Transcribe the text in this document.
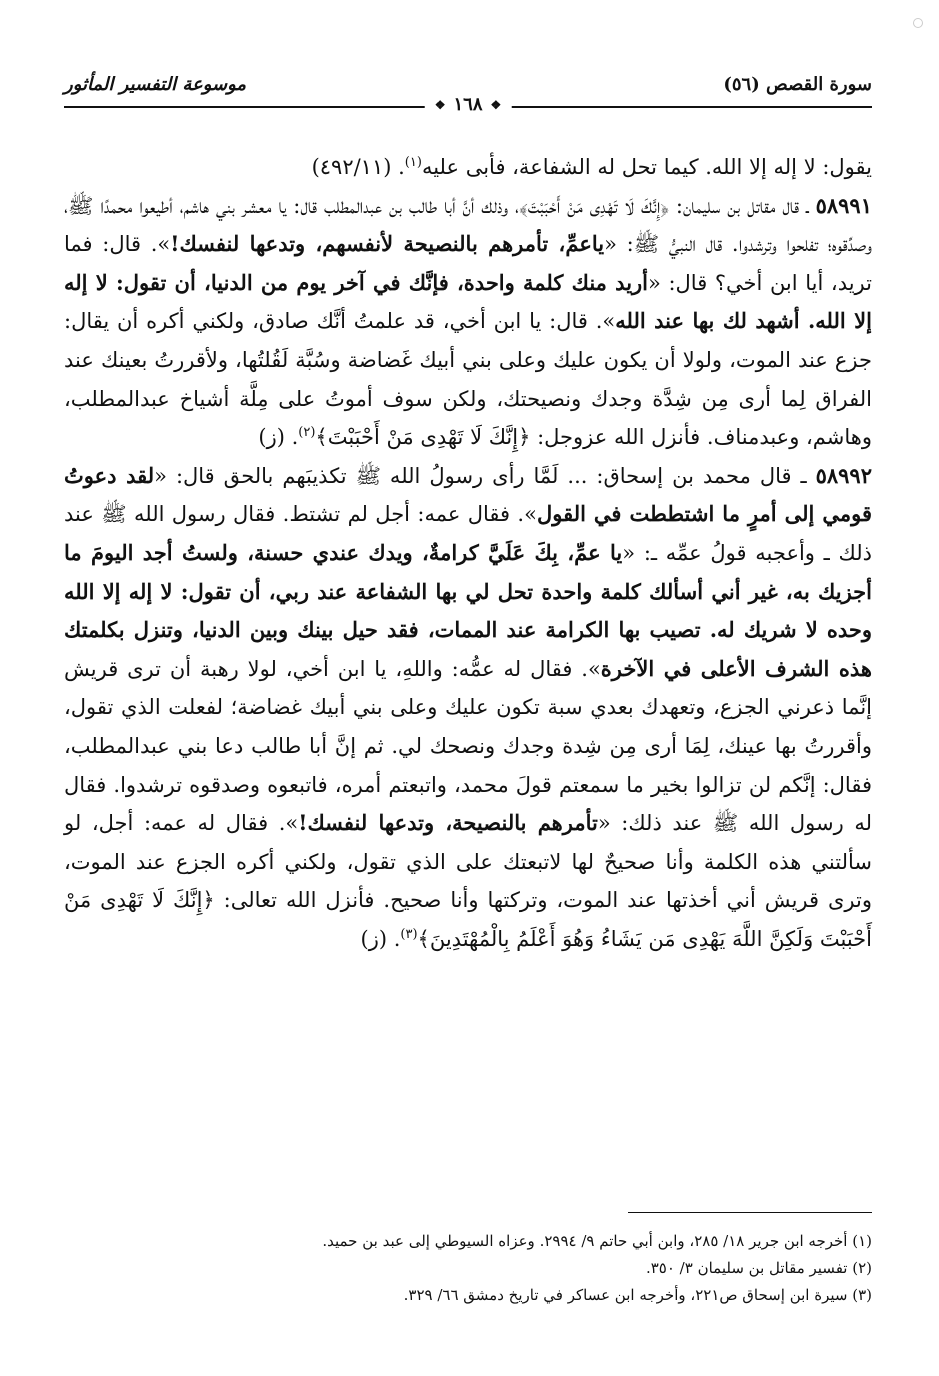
سورة القصص (٥٦)
موسوعة التفسير المأثور
❖
١٦٨
❖

يقول: لا إله إلا الله. كيما تحل له الشفاعة، فأبى عليه$^{(١)}$. (٤٩٢/١١)

٥٨٩٩١ ـ قال مقاتل بن سليمان: ﴿إِنَّكَ لَا تَهْدِى مَنْ أَحْبَبْتَ﴾، وذلك أنَّ أبا طالب بن عبدالمطلب قال: يا معشر بني هاشم، أطيعوا محمدًا ﷺ، وصدِّقوه؛ تفلحوا وترشدوا. قال النبيُّ ﷺ: «ياعمِّ، تأمرهم بالنصيحة لأنفسهم، وتدعها لنفسك!». قال: فما تريد، أيا ابن أخي؟ قال: «أريد منك كلمة واحدة، فإنَّك في آخر يوم من الدنيا، أن تقول: لا إله إلا الله. أشهد لك بها عند الله». قال: يا ابن أخي، قد علمتُ أنَّك صادق، ولكني أكره أن يقال: جزع عند الموت، ولولا أن يكون عليك وعلى بني أبيك غَضاضة وسُبَّة لَقُلتُها، ولأقررتُ بعينك عند الفراق لِما أرى مِن شِدَّة وجدك ونصيحتك، ولكن سوف أموتُ على مِلَّة أشياخ عبدالمطلب، وهاشم، وعبدمناف. فأنزل الله عزوجل: ﴿إِنَّكَ لَا تَهْدِى مَنْ أَحْبَبْتَ﴾$^{(٢)}$. (ز)

٥٨٩٩٢ ـ قال محمد بن إسحاق: ... لَمَّا رأى رسولُ الله ﷺ تكذيبَهم بالحق قال: «لقد دعوتُ قومي إلى أمرٍ ما اشتططت في القول». فقال عمه: أجل لم تشتط. فقال رسول الله ﷺ عند ذلك ـ وأعجبه قولُ عمِّه ـ: «يا عمِّ، بِكَ عَلَيَّ كرامةٌ، ويدك عندي حسنة، ولستُ أجد اليومَ ما أجزيك به، غير أني أسألك كلمة واحدة تحل لي بها الشفاعة عند ربي، أن تقول: لا إله إلا الله وحده لا شريك له. تصيب بها الكرامة عند الممات، فقد حيل بينك وبين الدنيا، وتنزل بكلمتك هذه الشرف الأعلى في الآخرة». فقال له عمُّه: واللهِ، يا ابن أخي، لولا رهبة أن ترى قريش إنَّما ذعرني الجزع، وتعهدك بعدي سبة تكون عليك وعلى بني أبيك غضاضة؛ لفعلت الذي تقول، وأقررتُ بها عينك، لِمَا أرى مِن شِدة وجدك ونصحك لي. ثم إنَّ أبا طالب دعا بني عبدالمطلب، فقال: إنَّكم لن تزالوا بخير ما سمعتم قولَ محمد، واتبعتم أمره، فاتبعوه وصدقوه ترشدوا. فقال له رسول الله ﷺ عند ذلك: «تأمرهم بالنصيحة، وتدعها لنفسك!». فقال له عمه: أجل، لو سألتني هذه الكلمة وأنا صحيحٌ لها لاتبعتك على الذي تقول، ولكني أكره الجزع عند الموت، وترى قريش أني أخذتها عند الموت، وتركتها وأنا صحيح. فأنزل الله تعالى: ﴿إِنَّكَ لَا تَهْدِى مَنْ أَحْبَبْتَ وَلَكِنَّ اللَّهَ يَهْدِى مَن يَشَاءُ وَهُوَ أَعْلَمُ بِالْمُهْتَدِينَ﴾$^{(٣)}$. (ز)

(١) أخرجه ابن جرير ١٨/ ٢٨٥، وابن أبي حاتم ٩/ ٢٩٩٤. وعزاه السيوطي إلى عبد بن حميد.

(٢) تفسير مقاتل بن سليمان ٣/ ٣٥٠.

(٣) سيرة ابن إسحاق ص٢٢١، وأخرجه ابن عساكر في تاريخ دمشق ٦٦/ ٣٢٩.
